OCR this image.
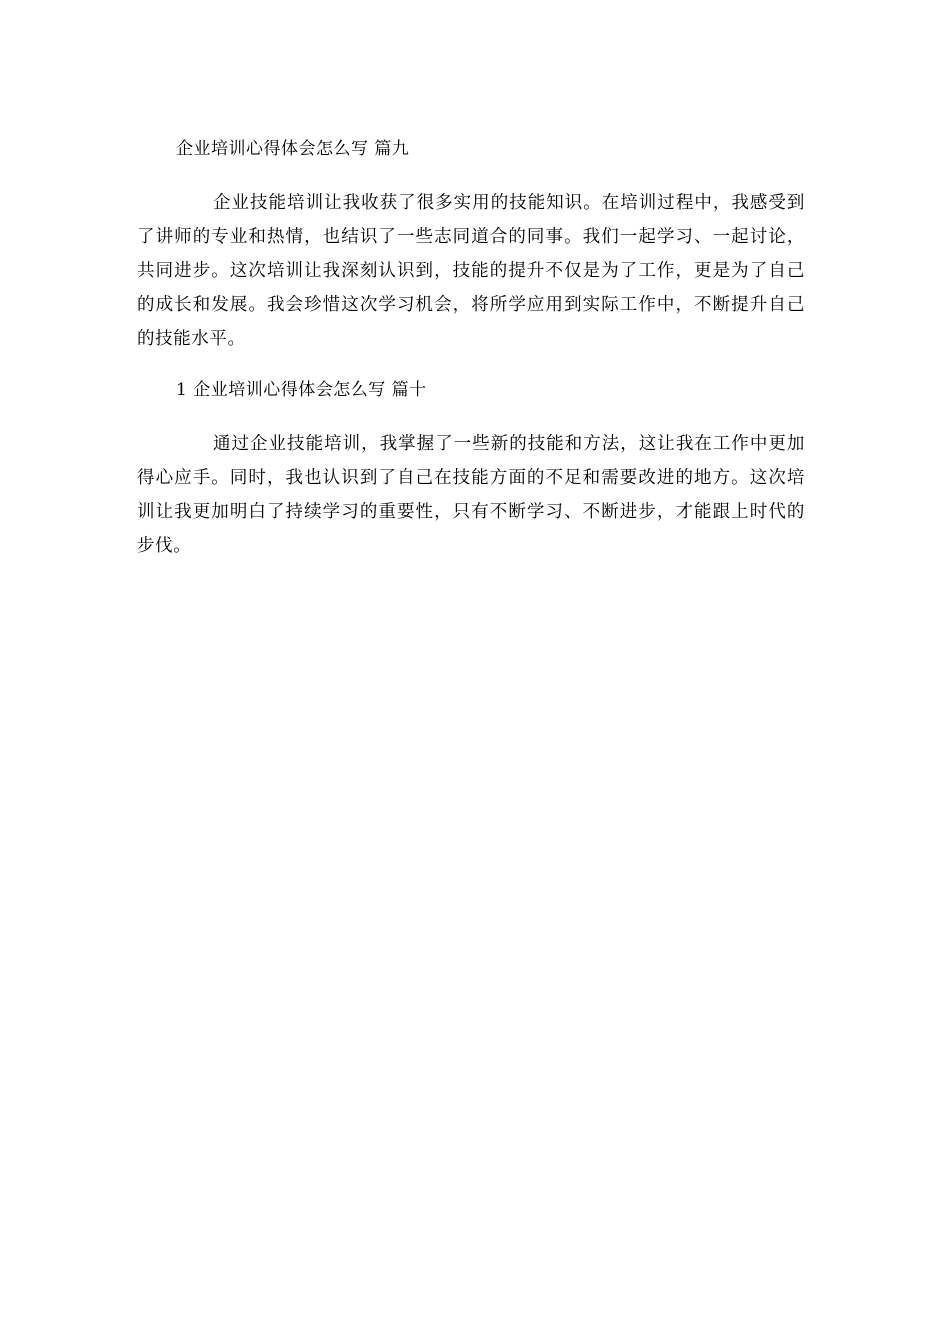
企业培训心得体会怎么写 篇九

企业技能培训让我收获了很多实用的技能知识。在培训过程中，我感受到了讲师的专业和热情，也结识了一些志同道合的同事。我们一起学习、一起讨论，共同进步。这次培训让我深刻认识到，技能的提升不仅是为了工作，更是为了自己的成长和发展。我会珍惜这次学习机会，将所学应用到实际工作中，不断提升自己的技能水平。

1 企业培训心得体会怎么写 篇十

通过企业技能培训，我掌握了一些新的技能和方法，这让我在工作中更加得心应手。同时，我也认识到了自己在技能方面的不足和需要改进的地方。这次培训让我更加明白了持续学习的重要性，只有不断学习、不断进步，才能跟上时代的步伐。
